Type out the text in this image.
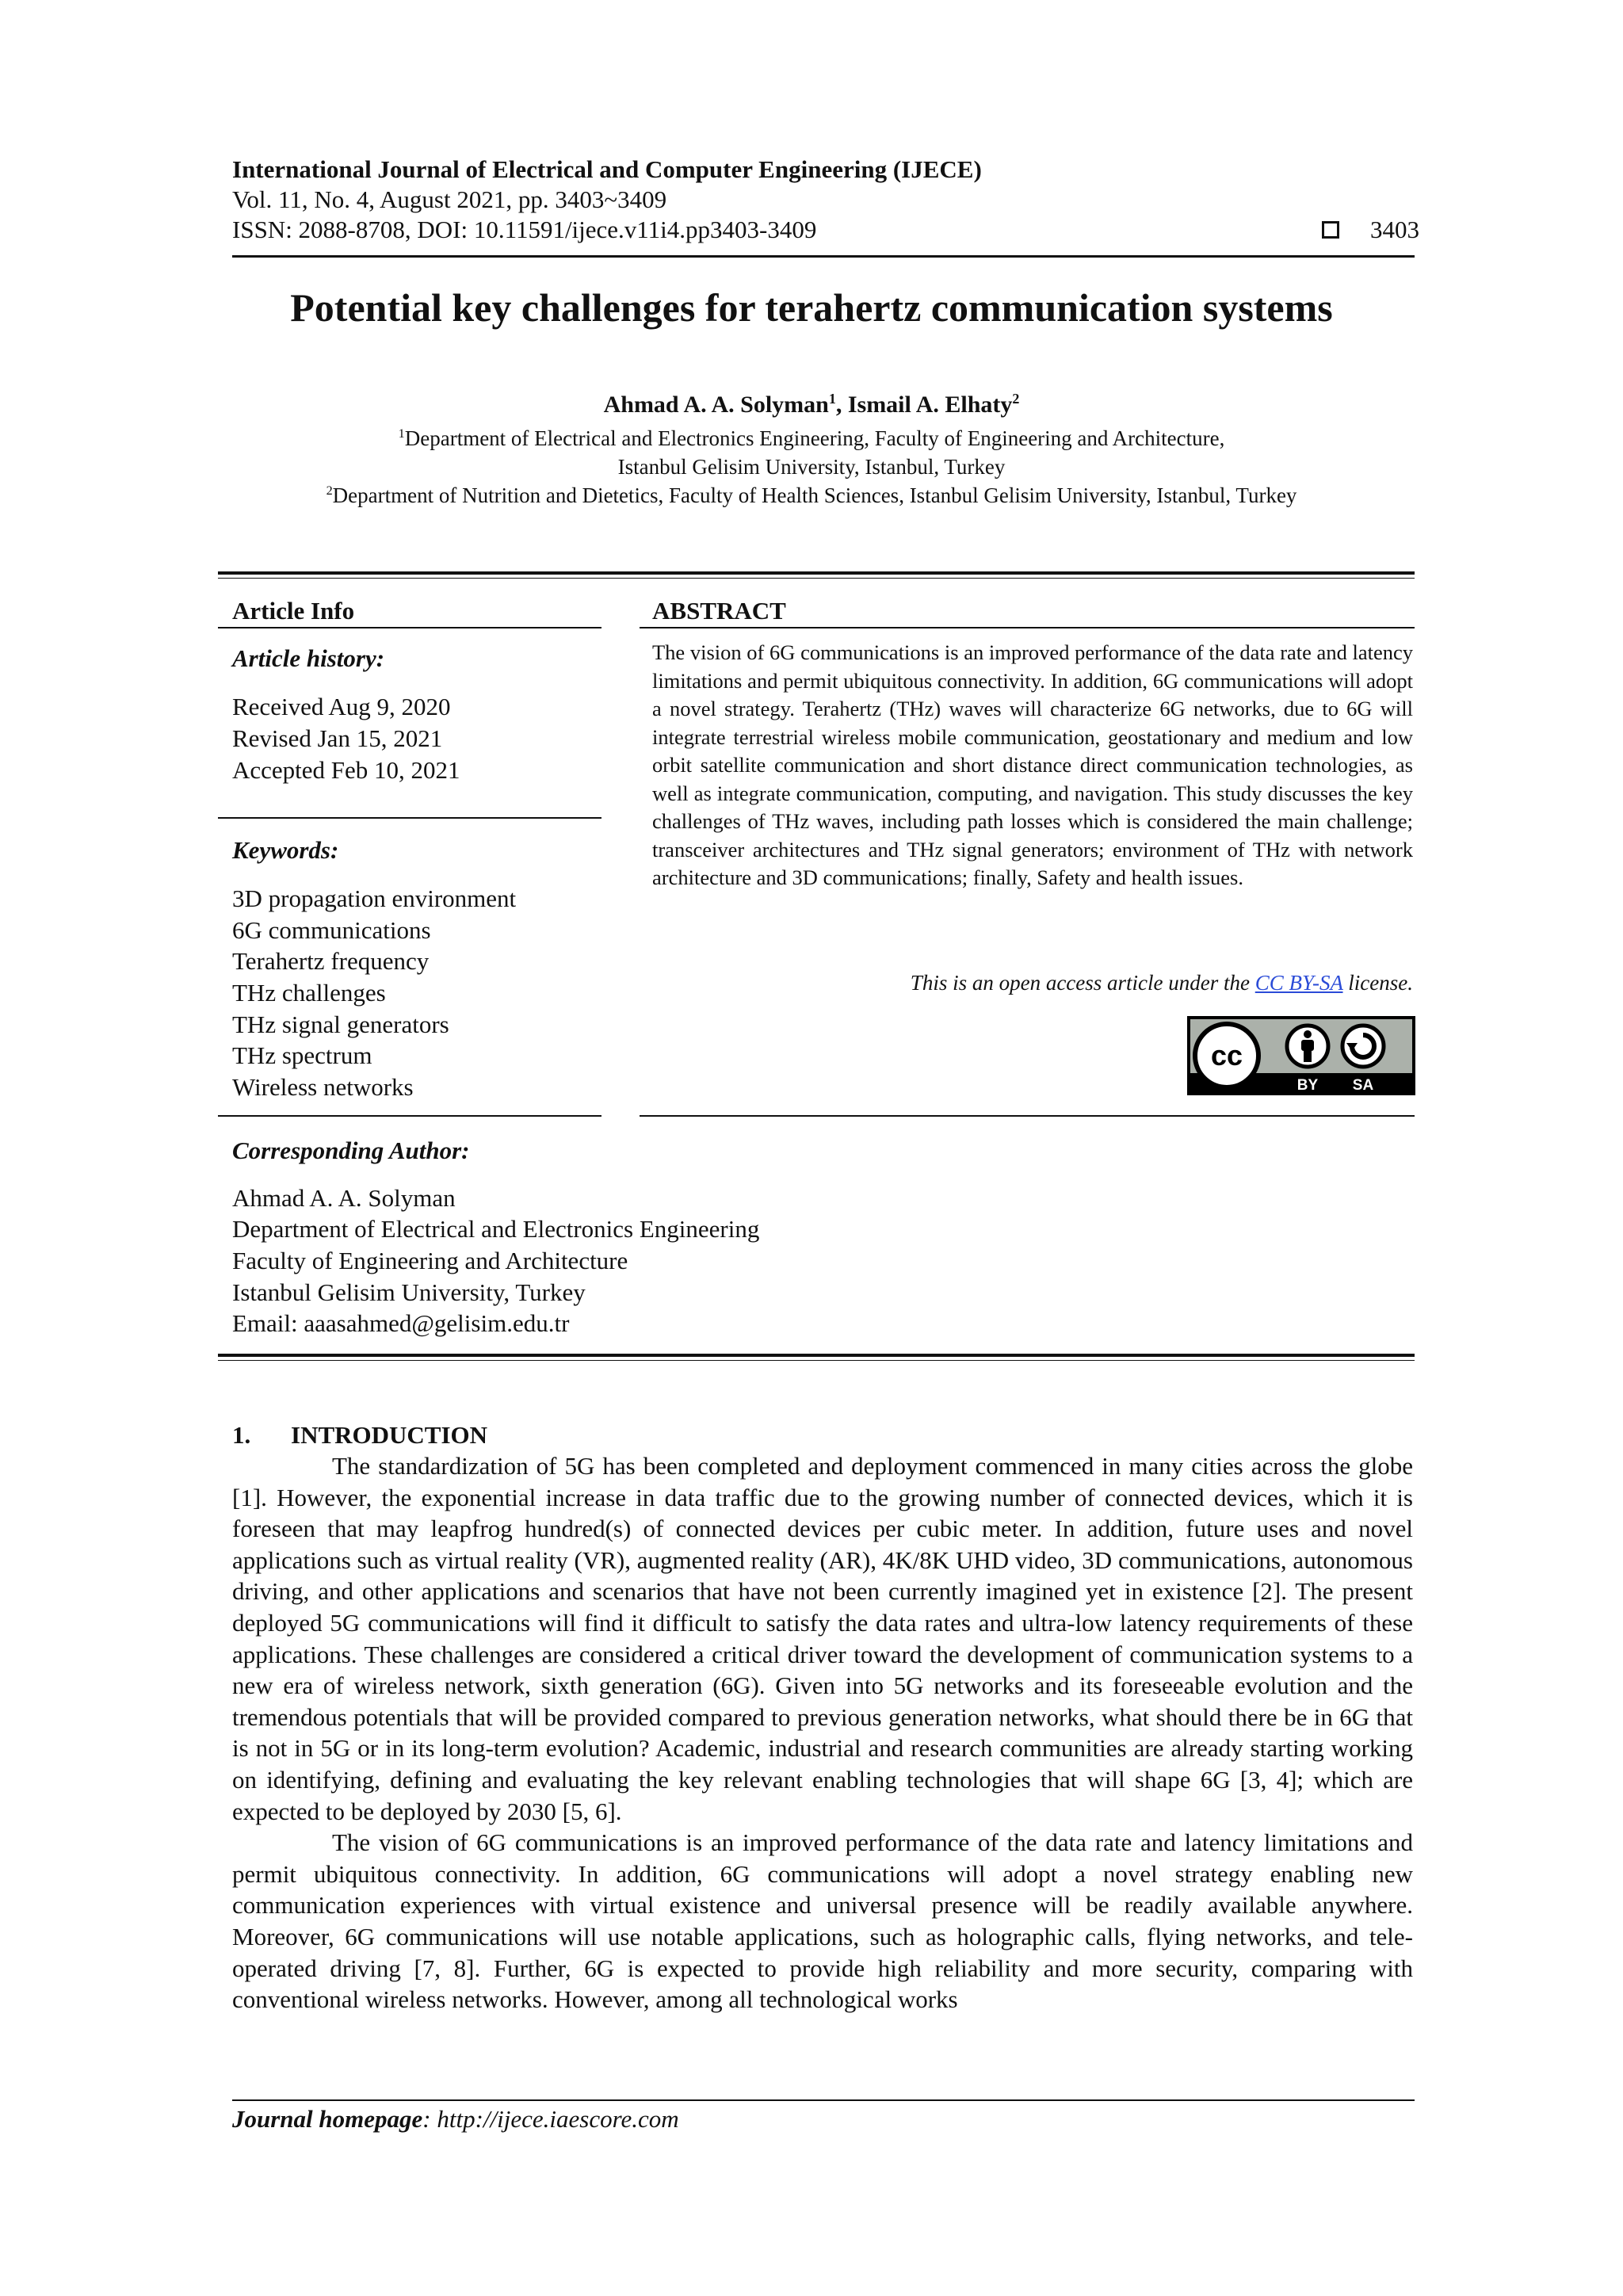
International Journal of Electrical and Computer Engineering (IJECE)
Vol. 11, No. 4, August 2021, pp. 3403~3409
ISSN: 2088-8708, DOI: 10.11591/ijece.v11i4.pp3403-3409	3403
Potential key challenges for terahertz communication systems
Ahmad A. A. Solyman$^1$, Ismail A. Elhaty$^2$
$^1$Department of Electrical and Electronics Engineering, Faculty of Engineering and Architecture,
Istanbul Gelisim University, Istanbul, Turkey
$^2$Department of Nutrition and Dietetics, Faculty of Health Sciences, Istanbul Gelisim University, Istanbul, Turkey
Article Info
Article history:
Received Aug 9, 2020
Revised Jan 15, 2021
Accepted Feb 10, 2021
Keywords:
3D propagation environment
6G communications
Terahertz frequency
THz challenges
THz signal generators
THz spectrum
Wireless networks
ABSTRACT

The vision of 6G communications is an improved performance of the data rate and latency limitations and permit ubiquitous connectivity. In addition, 6G communications will adopt a novel strategy. Terahertz (THz) waves will characterize 6G networks, due to 6G will integrate terrestrial wireless mobile communication, geostationary and medium and low orbit satellite communication and short distance direct communication technologies, as well as integrate communication, computing, and navigation. This study discusses the key challenges of THz waves, including path losses which is considered the main challenge; transceiver architectures and THz signal generators; environment of THz with network architecture and 3D communications; finally, Safety and health issues.

This is an open access article under the CC BY-SA license.
cc
BY SA
Corresponding Author:
Ahmad A. A. Solyman
Department of Electrical and Electronics Engineering
Faculty of Engineering and Architecture
Istanbul Gelisim University, Turkey
Email: aaasahmed@gelisim.edu.tr
1. INTRODUCTION

The standardization of 5G has been completed and deployment commenced in many cities across the globe [1]. However, the exponential increase in data traffic due to the growing number of connected devices, which it is foreseen that may leapfrog hundred(s) of connected devices per cubic meter. In addition, future uses and novel applications such as virtual reality (VR), augmented reality (AR), 4K/8K UHD video, 3D communications, autonomous driving, and other applications and scenarios that have not been currently imagined yet in existence [2]. The present deployed 5G communications will find it difficult to satisfy the data rates and ultra-low latency requirements of these applications. These challenges are considered a critical driver toward the development of communication systems to a new era of wireless network, sixth generation (6G). Given into 5G networks and its foreseeable evolution and the tremendous potentials that will be provided compared to previous generation networks, what should there be in 6G that is not in 5G or in its long-term evolution? Academic, industrial and research communities are already starting working on identifying, defining and evaluating the key relevant enabling technologies that will shape 6G [3, 4]; which are expected to be deployed by 2030 [5, 6].

The vision of 6G communications is an improved performance of the data rate and latency limitations and permit ubiquitous connectivity. In addition, 6G communications will adopt a novel strategy enabling new communication experiences with virtual existence and universal presence will be readily available anywhere. Moreover, 6G communications will use notable applications, such as holographic calls, flying networks, and tele-operated driving [7, 8]. Further, 6G is expected to provide high reliability and more security, comparing with conventional wireless networks. However, among all technological works

Journal homepage: http://ijece.iaescore.com
